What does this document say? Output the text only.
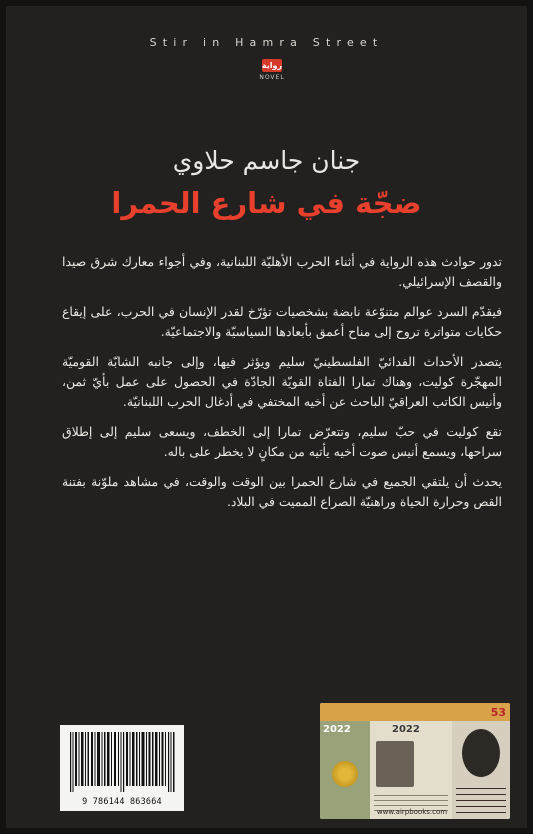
Stir in Hamra Street
رواية
NOVEL
جنان جاسم حلاوي
ضجّة في شارع الحمرا

تدور حوادث هذه الرواية في أثناء الحرب الأهليّة اللبنانية، وفي أجواء معارك شرق صيدا والقصف الإسرائيلي.

فيقدّم السرد عوالم متنوّعة نابضة بشخصيات تؤرّخ لقدر الإنسان في الحرب، على إيقاع حكايات متواترة تروح إلى مناح أعمق بأبعادها السياسيّة والاجتماعيّة.

يتصدر الأحداث الفدائيّ الفلسطينيّ سليم ويؤثر فيها، وإلى جانبه الشابّة القوميّة المهجّرة كوليت، وهناك تمارا الفتاة القويّة الجادّة في الحصول على عمل بأيّ ثمن، وأنيس الكاتب العراقيّ الباحث عن أخيه المختفي في أدغال الحرب اللبنانيّة.

تقع كوليت في حبّ سليم، وتتعرّض تمارا إلى الخطف، ويسعى سليم إلى إطلاق سراحها، ويسمع أنيس صوت أخيه يأتيه من مكانٍ لا يخطر على باله.

يحدث أن يلتقي الجميع في شارع الحمرا بين الوقت والوقت، في مشاهد ملوّنة بفتنة القص وحرارة الحياة وراهنيّة الصراع المميت في البلاد.

9 786144 863664
53
2022	2022
www.airpbooks.com
